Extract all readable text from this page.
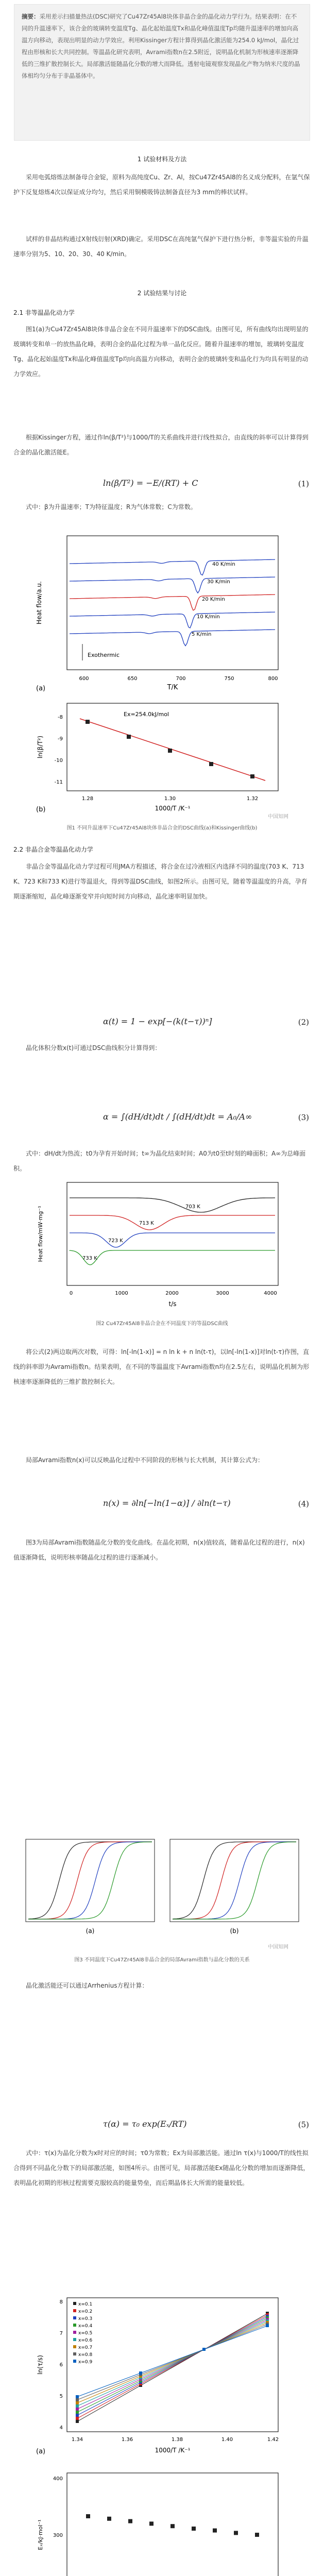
摘要：采用差示扫描量热法(DSC)研究了Cu47Zr45Al8块体非晶合金的晶化动力学行为。结果表明：在不同的升温速率下，该合金的玻璃转变温度Tg、晶化起始温度Tx和晶化峰值温度Tp均随升温速率的增加向高温方向移动，表现出明显的动力学效应。利用Kissinger方程计算得到晶化激活能为254.0 kJ/mol，晶化过程由形核和长大共同控制。等温晶化研究表明，Avrami指数n在2.5附近，说明晶化机制为形核速率逐渐降低的三维扩散控制长大。局部激活能随晶化分数的增大而降低。透射电镜观察发现晶化产物为纳米尺度的晶体相均匀分布于非晶基体中。
1 试验材料及方法

采用电弧熔炼法制备母合金锭，原料为高纯度Cu、Zr、Al，按Cu47Zr45Al8的名义成分配料，在氩气保护下反复熔炼4次以保证成分均匀，然后采用铜模吸铸法制备直径为3 mm的棒状试样。

试样的非晶结构通过X射线衍射(XRD)确定。采用DSC在高纯氩气保护下进行热分析，非等温实验的升温速率分别为5、10、20、30、40 K/min。

2 试验结果与讨论
2.1 非等温晶化动力学

图1(a)为Cu47Zr45Al8块体非晶合金在不同升温速率下的DSC曲线。由图可见，所有曲线均出现明显的玻璃转变和单一的放热晶化峰，表明合金的晶化过程为单一晶化反应。随着升温速率的增加，玻璃转变温度Tg、晶化起始温度Tx和晶化峰值温度Tp均向高温方向移动，表明合金的玻璃转变和晶化行为均具有明显的动力学效应。

根据Kissinger方程，通过作ln(β/T²)与1000/T的关系曲线并进行线性拟合，由直线的斜率可以计算得到合金的晶化激活能E。

ln(β/T²) = −E/(RT) + C	(1)

式中：β为升温速率；T为特征温度；R为气体常数；C为常数。

Heat flow/a.u.
T/K
(a)
Exothermic
600	650	700	750	800
5 K/min
10 K/min
20 K/min
30 K/min
40 K/min
Ex=254.0kJ/mol
ln(β/T²)
1000/T /K⁻¹
(b)
1.28	1.30	1.32
-8
-9
-10
-11
中国知网
图1 不同升温速率下Cu47Zr45Al8块体非晶合金的DSC曲线(a)和Kissinger曲线(b)
2.2 非晶合金等温晶化动力学

非晶合金等温晶化动力学过程可用JMA方程描述，将合金在过冷液相区内选择不同的温度(703 K、713 K、723 K和733 K)进行等温退火，得到等温DSC曲线，如图2所示。由图可见，随着等温温度的升高，孕育期逐渐缩短，晶化峰逐渐变窄并向短时间方向移动，晶化速率明显加快。

α(t) = 1 − exp[−(k(t−τ))ⁿ]	(2)

晶化体积分数x(t)可通过DSC曲线积分计算得到：

α = ∫(dH/dt)dt / ∫(dH/dt)dt = A₀/A∞	(3)

式中：dH/dt为热流；t0为孕育开始时间；t∞为晶化结束时间；A0为t0至t时刻的峰面积；A∞为总峰面积。

Heat flow/mW·mg⁻¹
t/s
0	1000	2000	3000	4000
703 K
713 K
723 K
733 K
图2 Cu47Zr45Al8非晶合金在不同温度下的等温DSC曲线

将公式(2)两边取两次对数，可得：ln[-ln(1-x)] = n ln k + n ln(t-τ)，以ln[-ln(1-x)]对ln(t-τ)作图，直线的斜率即为Avrami指数n。结果表明，在不同的等温温度下Avrami指数n均在2.5左右，说明晶化机制为形核速率逐渐降低的三维扩散控制长大。

局部Avrami指数n(x)可以反映晶化过程中不同阶段的形核与长大机制，其计算公式为：

n(x) = ∂ln[−ln(1−α)] / ∂ln(t−τ)	(4)

图3为局部Avrami指数随晶化分数的变化曲线。在晶化初期，n(x)值较高，随着晶化过程的进行，n(x)值逐渐降低，说明形核率随晶化过程的进行逐渐减小。

(a)	(b)
中国知网
图3 不同温度下Cu47Zr45Al8非晶合金的局部Avrami指数与晶化分数的关系

晶化激活能还可以通过Arrhenius方程计算：

τ(α) = τ₀ exp(Eₓ/RT)	(5)

式中：τ(x)为晶化分数为x时对应的时间；τ0为常数；Ex为局部激活能。通过ln τ(x)与1000/T的线性拟合得到不同晶化分数下的局部激活能，如图4所示。由图可见，局部激活能Ex随晶化分数的增加而逐渐降低，表明晶化初期的形核过程需要克服较高的能量势垒，而后期晶体长大所需的能量较低。

x=0.1
x=0.2
x=0.3
x=0.4
x=0.5
x=0.6
x=0.7
x=0.8
x=0.9
ln(τ/s)
1000/T /K⁻¹
(a)
1.34	1.36	1.38	1.40	1.42
4
5
6
7
8
Eₓ/kJ·mol⁻¹ 300
400
